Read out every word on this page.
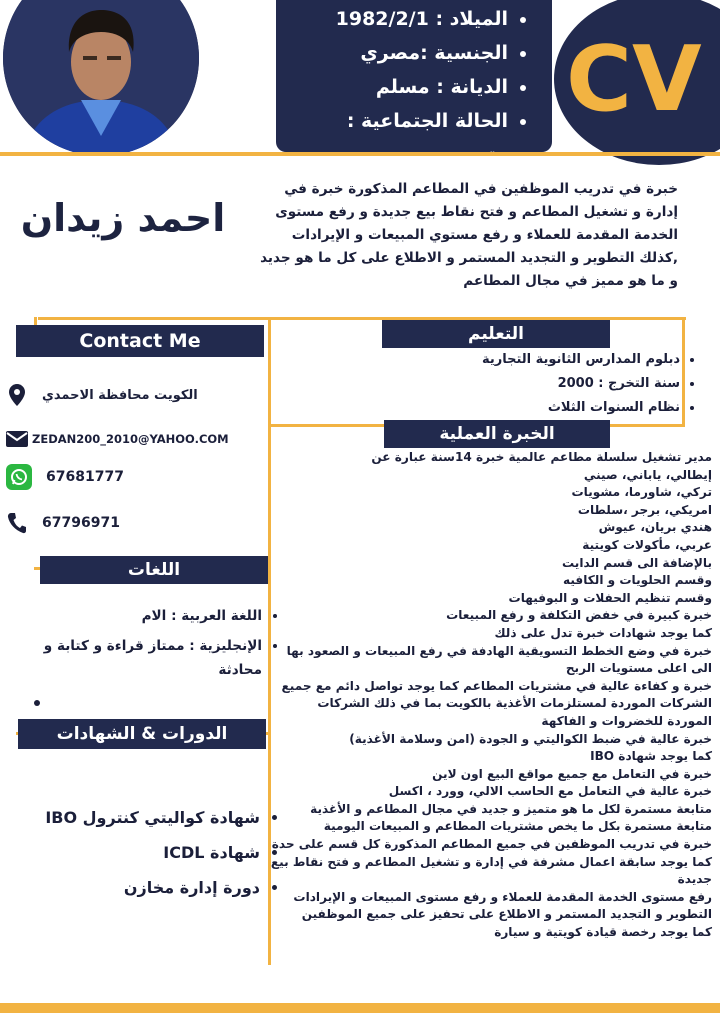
• الميلاد : 1982/2/1
• الجنسية :مصري
• الديانة : مسلم
• الحالة الجتماعية :	CV
احمد زيدان
خبرة في تدريب الموظفين في المطاعم المذكورة خبرة في إدارة و تشغيل المطاعم و فتح نقاط بيع جديدة و رفع مستوى الخدمة المقدمة للعملاء و رفع مستوي المبيعات و الإيرادات ,كذلك التطوير و التجديد المستمر و الاطلاع على كل ما هو جديد و ما هو مميز في مجال المطاعم
Contact Me
الكويت محافظة الاحمدي
ZEDAN200_2010@YAHOO.COM
67681777
67796971
اللغات
• اللغة العربية : الام
• الإنجليزية : ممتاز قراءة و كتابة و محادثة
الدورات & الشهادات
• شهادة كواليتي كنترول IBO
• شهادة ICDL
• دورة إدارة مخازن
التعليم
• دبلوم المدارس الثانوية التجارية
• سنة التخرج : 2000
• نظام السنوات الثلاث
الخبرة العملية
• مدير تشغيل سلسلة مطاعم عالمية خبرة 14سنة عبارة عن
• إيطالي، ياباني، صيني
• تركي، شاورما، مشويات
• امريكي، برجر ،سلطات
• هندي بريان، عيوش
• عربي، مأكولات كويتية
• بالإضافة الى قسم الدايت
• وقسم الحلويات و الكافيه
• وقسم تنظيم الحفلات و البوفيهات
• خبرة كبيرة في خفض التكلفة و رفع المبيعات
• كما يوجد شهادات خبرة تدل على ذلك
• خبرة في وضع الخطط التسويقية الهادفة في رفع المبيعات و الصعود بها الى اعلى مستويات الربح
• خبرة و كفاءة عالية في مشتريات المطاعم كما يوجد تواصل دائم مع جميع الشركات الموردة لمستلزمات الأغذية بالكويت بما في ذلك الشركات الموردة للخضروات و الفاكهة
• خبرة عالية في ضبط الكواليتي و الجودة (امن وسلامة الأغذية)
• كما يوجد شهادة IBO
• خبرة في التعامل مع جميع مواقع البيع اون لاين
• خبرة عالية في التعامل مع الحاسب الالي، وورد ، اكسل
• متابعة مستمرة لكل ما هو متميز و جديد في مجال المطاعم و الأغذية
• متابعة مستمرة بكل ما يخص مشتريات المطاعم و المبيعات اليومية
• خبرة في تدريب الموظفين في جميع المطاعم المذكورة كل قسم على حدة
• كما يوجد سابقة اعمال مشرفة في إدارة و تشغيل المطاعم و فتح نقاط بيع جديدة
• رفع مستوى الخدمة المقدمة للعملاء و رفع مستوى المبيعات و الإيرادات
• التطوير و التجديد المستمر و الاطلاع على تحفيز على جميع الموظفين
• كما يوجد رخصة قيادة كويتية و سيارة
